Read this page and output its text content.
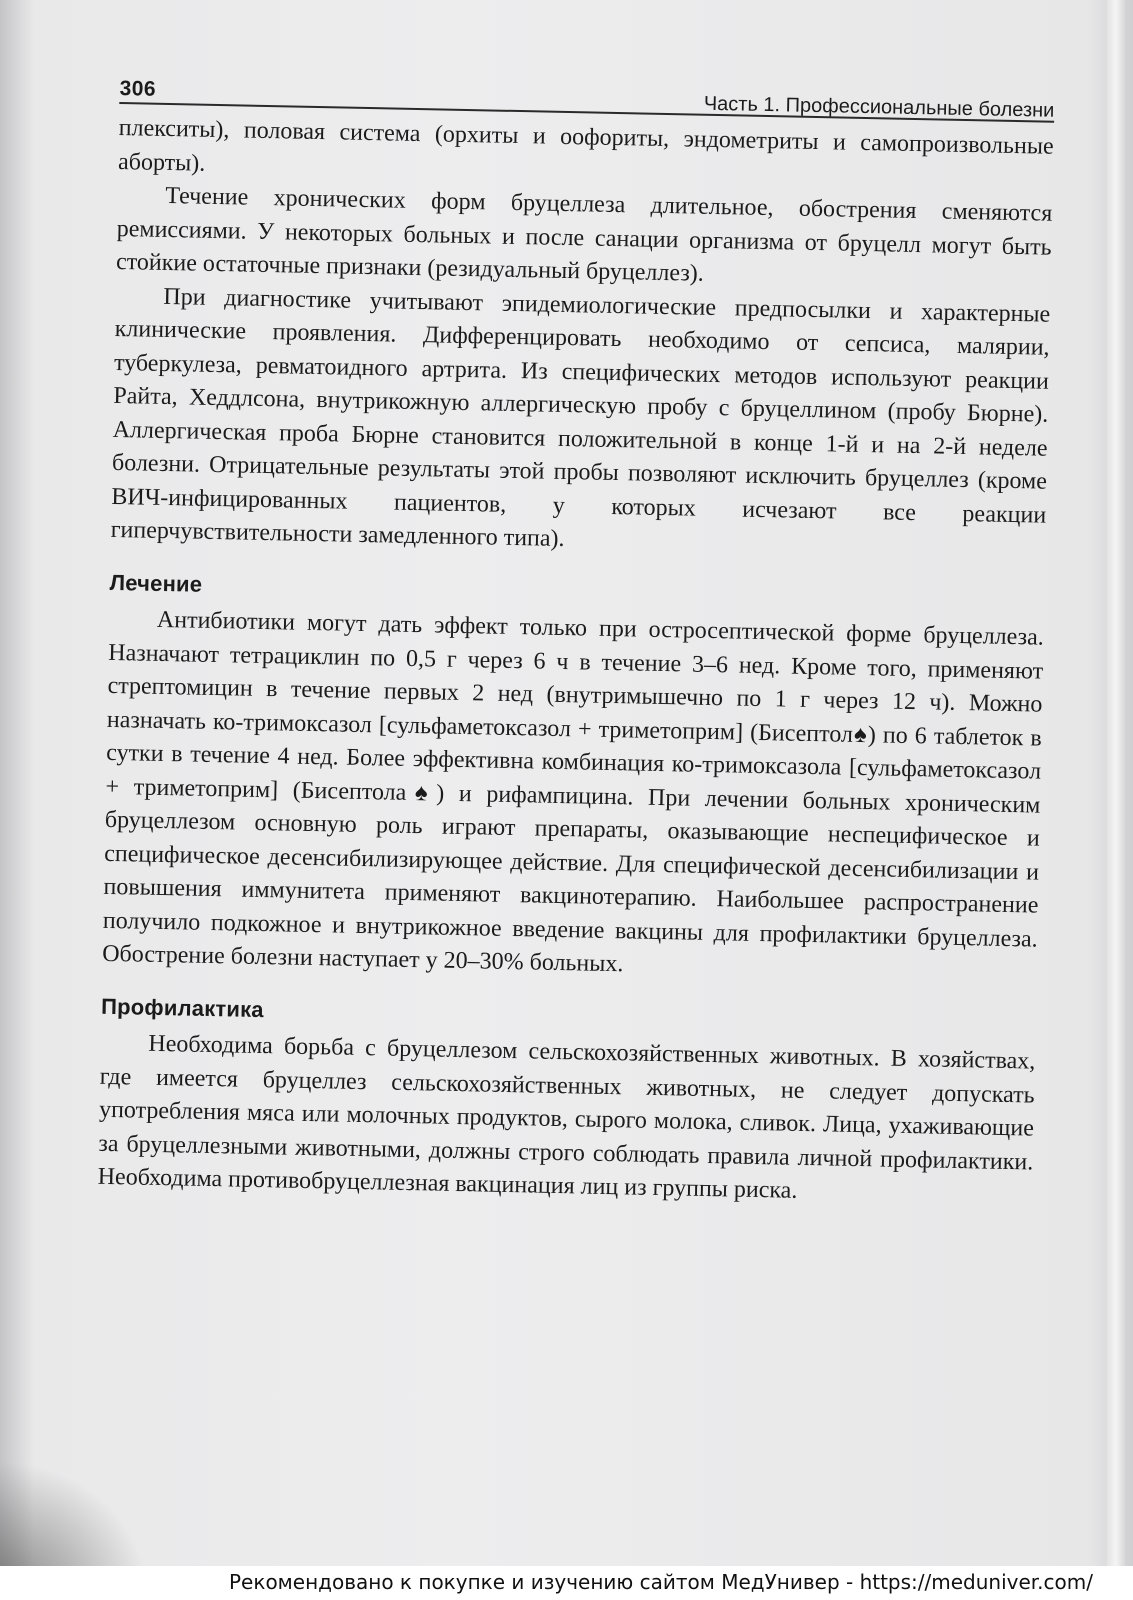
306
Часть 1. Профессиональные болезни

плекситы), половая система (орхиты и оофориты, эндометриты и самопроизвольные аборты).

Течение хронических форм бруцеллеза длительное, обострения сменяются ремиссиями. У некоторых больных и после санации организма от бруцелл могут быть стойкие остаточные признаки (резидуальный бруцеллез).

При диагностике учитывают эпидемиологические предпосылки и характерные клинические проявления. Дифференцировать необходимо от сепсиса, малярии, туберкулеза, ревматоидного артрита. Из специфических методов используют реакции Райта, Хеддлсона, внутрикожную аллергическую пробу с бруцеллином (пробу Бюрне). Аллергическая проба Бюрне становится положительной в конце 1-й и на 2-й неделе болезни. Отрицательные результаты этой пробы позволяют исключить бруцеллез (кроме ВИЧ-инфицированных пациентов, у которых исчезают все реакции гиперчувствительности замедленного типа).

Лечение

Антибиотики могут дать эффект только при остросептической форме бруцеллеза. Назначают тетрациклин по 0,5 г через 6 ч в течение 3–6 нед. Кроме того, применяют стрептомицин в течение первых 2 нед (внутримышечно по 1 г через 12 ч). Можно назначать ко-тримоксазол [сульфаметоксазол + триметоприм] (Бисептол♠) по 6 таблеток в сутки в течение 4 нед. Более эффективна комбинация ко-тримоксазола [сульфаметоксазол + триметоприм] (Бисептола♠) и рифампицина. При лечении больных хроническим бруцеллезом основную роль играют препараты, оказывающие неспецифическое и специфическое десенсибилизирующее действие. Для специфической десенсибилизации и повышения иммунитета применяют вакцинотерапию. Наибольшее распространение получило подкожное и внутрикожное введение вакцины для профилактики бруцеллеза. Обострение болезни наступает у 20–30% больных.

Профилактика

Необходима борьба с бруцеллезом сельскохозяйственных животных. В хозяйствах, где имеется бруцеллез сельскохозяйственных животных, не следует допускать употребления мяса или молочных продуктов, сырого молока, сливок. Лица, ухаживающие за бруцеллезными животными, должны строго соблюдать правила личной профилактики. Необходима противобруцеллезная вакцинация лиц из группы риска.

Рекомендовано к покупке и изучению сайтом МедУнивер - https://meduniver.com/
